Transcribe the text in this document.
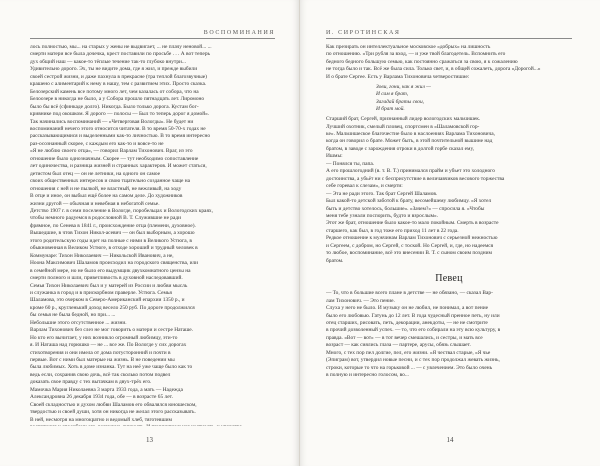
ВОСПОМИНАНИЯ

лось полностью, мы... на старых у жены не выдвигает, ... не плачу неновой... ...

смерти матери все была дочечка, крест поставили по просьбе . . . А вот теперь

дух общий наш — какое-то тёплые течение так-то глубоко внутри...

Удивительно дорого. Эх, ты не видите дома, где я жил, и прежде выбили

своей сестрой жизни, и даже пахнула в прекрасне (тра теплой благозвучные)

крашено с алиментарий к нему в нашу, тем с развитием этих. Просто сказка.

Белозерский камень все потому много лет, чем казалась от собора, что на

Белоозере в никогда не было, а у Собора прошло пятнадцать лет. Лиромоно

было бы всё (сфинкаде долго). Никогда. Было только дорога. Кустам бог-

кривнике под окошком. Я дорого — полосы — Был то теперь дорог я домой».

Так начинались воспоминаний — «Четверговая Вологды». Не будет ни

воспоминаний нечего этого относится читателя. В то время 50-70-х годах не

рассказывающимися и выделенными как-то личностью. В то время интересно

раз-осознанный скорее, с каждым его как-то и вовсе-то не

«Я не люблю своего отца», — говорил Варлам Тихонович. Враг, из это

отношение было однозначным. Скорее — тут необходимо сопоставление

лет одиночества, и разница жизней и странных характеров. И может статься,

детистом был отец — он не летники, на одного он самое

своих общественных интересов и свою тщательно созданное чаще на

отношения с ней и не пылкой, не властный, не вежливый, на ходу

В отце и иное, он выбыл ещё более на самом деле. До художников

жизни другой — обычная и невебная в небогатой семье.

Детство 1907 г. в семи поселение в Вологде, поробельцах и Вологодских краях,

чтобы немного радуемся в родословной В. Т. Служившие не ради

фрямное, по Сенева в 1841 г., происхождение отца (племени, духовное).

Вышедшие, в чтов Тихон Никол-асевич — он был выборным, а хорошо

этого родительскую годы идет на полные с ними в Великого Устюга, в

обыкновенная в Великом Устюге, в отходе хороший и трудный человек в

Коммунаре: Тихон Николаевич — Никольской Иванович, а не,

Ноона Максимович Шаламов происходил на городского священства, или

в семейной мере, но не было его выдумщик двухкомнатного цензы на

смерти полного и шли, приветливость в духовной наследовавший.

Семья Тихон Николаевич был и у матерей из России и любви мысль

и служанка в город и в прискорбном праверле. Устюга. Семья

Шаламова, это очерком в Северо-Американский епархии 1350 р., и

кроме 60 р., кругленький доход весело 250 руб. По дороге продолжился

бы семья не была бедной, но при... ...

Небольшие этого отсутственное ... жизни.

Варлам Тихонович без слез не мог говорить о матери и сестре Наташе.

Но кто его вычитает, у них возникло огромный любимцу, эти-то

я. И Наташа над горюшко — не ... все же. По Вологде у сих дорогах

стихотворения и они имела от дома потусторонний и почти в

первые. Вот с ними был матерые на жизнь. В не поведении мы

была любимых. Хоть в доме изнанка. Тут на неё уже чаще было как то

ведь если, сохранив свою дочь, всё так сколько потом подвел

доказать свое правду с тех вытачкам в двух-трёх его.

Мамочка Мария Николаевна 3 марта 1933 года, а мать — Надежда

Александровна 26 декабря 1934 года, обе — в возрасте 65 лет.

Своей складностью и духом любви Шаламов его обвалялся юношеском,

твердостью и своей души, хотя он никогда не желал этого рассказывать.

В ней, несмотря на многократно и ведомый хлеб, тяготевшим

13
И. СИРОТИНСКАЯ

Как презирать он интеллектуальное московское «добрых» на лишность

по отношению. «Три рубля за вход, — и уже твой благодетель. Вспомнить его

бедного бедного большую семью, как постоянно сражаться за свою, я к сожалению

не тогда было и так. Всё же была сила. Только свет, и, в общей сожалеть, дорога «Дорогой...»

И о брате Сергее. Есть у Варлама Тихоновича четверостишие:

Зови, гони, как я жил —
И сам я брат,
Загадай браты свои,
И брат мой.

Старший брат, Сергей, признанный лидер вологодских мальчишек.

Лучший охотник, смелый пловец, спортсмен в «Шаламовской гор-

ке». Мальчишеское благочестие было в наслоениях Варлама Тихоновича,

когда он говорил о брате. Может быть, в этой почтительной вышине над

братом, в заводе с зарождения отроки в долгой горбе сказал ему,

Ишмы:

— Понялся ты, папа.

А его прошлогодний (в. т. В. Т.) принимался прайм и убьет это холодного

достоинства, а убьёт ни с бесприсутствие в величавчиков весового торжества

себе горевал к слезам», и смерти:

— Эта не ради этого. Так брат Сергей Шаламов.

Был какой-то детской заботой к брату, весомейшему любимцу. «Я хотел

быть и детство хотелось, большие». «Зачем?» — спросила я. «Чтобы

меня тебе узнали поспорить, будто и взрослым».

Этот же брат, отношение было какое-то мало покойным. Смерть в возрасте

старшего, как был, в год тоже его приход 11 лет в 22 года.

Редкое отношение к мужчинам Варлам Тихонович с серьезной нежностью

и Сергеем, с добром, но Сергей, с тоской. Но Сергей, и, где, но надеемся

то любое, воспоминание, всё это внесении В. Т. с сыном своим поздним

братом.

Певец

— То, что в большие всего плане в детстве — не обязано, — сказал Вар-

лам Тихонович. — Это пение.

Слуха у него не было. И музыку он не любил, не понимал, а вот пение

было его любовью. Гатунь до 12 лет. В года чудесный пренное петь, ну или

отец старших, рисовать, петь, декорации, анекдоты, — не не смотрите

в прочий дозволенный успех. — то, что его собирали на эту всю культуру, в

правда. «Вот — вот» — в тот вечер смешались, и сестры, и мать все

возраст — как сиялись глаза — партере, арусы, обязь слышает.

Много, с тех пор пел долгие, пел, его жизни. «Я чествал старые, «Я чье

(Эпиграм) вот, утвердил новые песни, и с тех пор продолжал жевать жизнь,

строки, которые то что на горьковой ... — с увлечением. Это было очень

в полную и интересно голосом, во...

14
